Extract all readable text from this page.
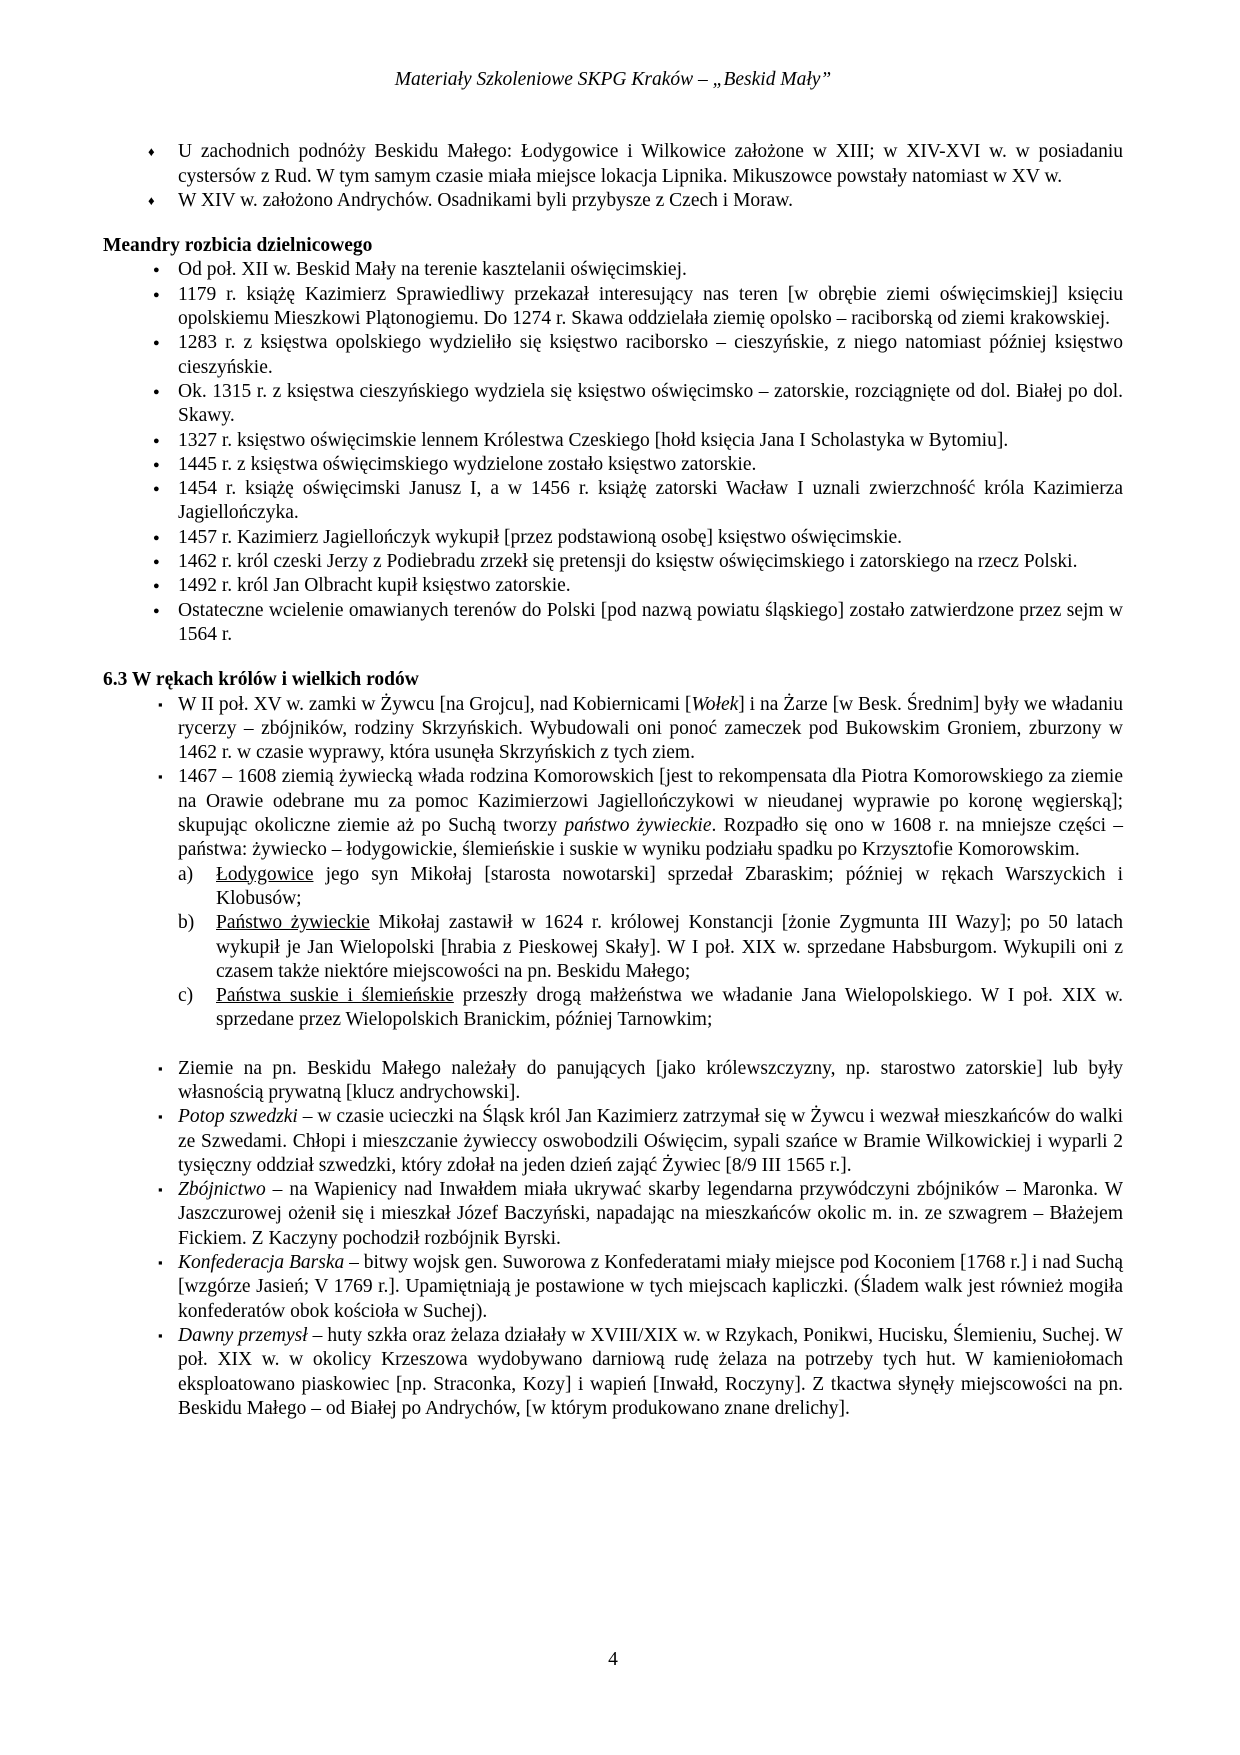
Materiały Szkoleniowe SKPG Kraków – „Beskid Mały”
♦ U zachodnich podnóży Beskidu Małego: Łodygowice i Wilkowice założone w XIII; w XIV-XVI w. w posiadaniu cystersów z Rud. W tym samym czasie miała miejsce lokacja Lipnika. Mikuszowce powstały natomiast w XV w.
♦ W XIV w. założono Andrychów. Osadnikami byli przybysze z Czech i Moraw.
Meandry rozbicia dzielnicowego
● Od poł. XII w. Beskid Mały na terenie kasztelanii oświęcimskiej.
● 1179 r. książę Kazimierz Sprawiedliwy przekazał interesujący nas teren [w obrębie ziemi oświęcimskiej] księciu opolskiemu Mieszkowi Plątonogiemu. Do 1274 r. Skawa oddzielała ziemię opolsko – raciborską od ziemi krakowskiej.
● 1283 r. z księstwa opolskiego wydzieliło się księstwo raciborsko – cieszyńskie, z niego natomiast później księstwo cieszyńskie.
● Ok. 1315 r. z księstwa cieszyńskiego wydziela się księstwo oświęcimsko – zatorskie, rozciągnięte od dol. Białej po dol. Skawy.
● 1327 r. księstwo oświęcimskie lennem Królestwa Czeskiego [hołd księcia Jana I Scholastyka w Bytomiu].
● 1445 r. z księstwa oświęcimskiego wydzielone zostało księstwo zatorskie.
● 1454 r. książę oświęcimski Janusz I, a w 1456 r. książę zatorski Wacław I uznali zwierzchność króla Kazimierza Jagiellończyka.
● 1457 r. Kazimierz Jagiellończyk wykupił [przez podstawioną osobę] księstwo oświęcimskie.
● 1462 r. król czeski Jerzy z Podiebradu zrzekł się pretensji do księstw oświęcimskiego i zatorskiego na rzecz Polski.
● 1492 r. król Jan Olbracht kupił księstwo zatorskie.
● Ostateczne wcielenie omawianych terenów do Polski [pod nazwą powiatu śląskiego] zostało zatwierdzone przez sejm w 1564 r.
6.3 W rękach królów i wielkich rodów
▪ W II poł. XV w. zamki w Żywcu [na Grojcu], nad Kobiernicami [Wołek] i na Żarze [w Besk. Średnim] były we władaniu rycerzy – zbójników, rodziny Skrzyńskich. Wybudowali oni ponoć zameczek pod Bukowskim Groniem, zburzony w 1462 r. w czasie wyprawy, która usunęła Skrzyńskich z tych ziem.
▪ 1467 – 1608 ziemią żywiecką włada rodzina Komorowskich [jest to rekompensata dla Piotra Komorowskiego za ziemie na Orawie odebrane mu za pomoc Kazimierzowi Jagiellończykowi w nieudanej wyprawie po koronę węgierską]; skupując okoliczne ziemie aż po Suchą tworzy państwo żywieckie. Rozpadło się ono w 1608 r. na mniejsze części – państwa: żywiecko – łodygowickie, ślemieńskie i suskie w wyniku podziału spadku po Krzysztofie Komorowskim.
a) Łodygowice jego syn Mikołaj [starosta nowotarski] sprzedał Zbaraskim; później w rękach Warszyckich i Klobusów;
b) Państwo żywieckie Mikołaj zastawił w 1624 r. królowej Konstancji [żonie Zygmunta III Wazy]; po 50 latach wykupił je Jan Wielopolski [hrabia z Pieskowej Skały]. W I poł. XIX w. sprzedane Habsburgom. Wykupili oni z czasem także niektóre miejscowości na pn. Beskidu Małego;
c) Państwa suskie i ślemieńskie przeszły drogą małżeństwa we władanie Jana Wielopolskiego. W I poł. XIX w. sprzedane przez Wielopolskich Branickim, później Tarnowkim;
▪ Ziemie na pn. Beskidu Małego należały do panujących [jako królewszczyzny, np. starostwo zatorskie] lub były własnością prywatną [klucz andrychowski].
▪ Potop szwedzki – w czasie ucieczki na Śląsk król Jan Kazimierz zatrzymał się w Żywcu i wezwał mieszkańców do walki ze Szwedami. Chłopi i mieszczanie żywieccy oswobodzili Oświęcim, sypali szańce w Bramie Wilkowickiej i wyparli 2 tysięczny oddział szwedzki, który zdołał na jeden dzień zająć Żywiec [8/9 III 1565 r.].
▪ Zbójnictwo – na Wapienicy nad Inwałdem miała ukrywać skarby legendarna przywódczyni zbójników – Maronka. W Jaszczurowej ożenił się i mieszkał Józef Baczyński, napadając na mieszkańców okolic m. in. ze szwagrem – Błażejem Fickiem. Z Kaczyny pochodził rozbójnik Byrski.
▪ Konfederacja Barska – bitwy wojsk gen. Suworowa z Konfederatami miały miejsce pod Koconiem [1768 r.] i nad Suchą [wzgórze Jasień; V 1769 r.]. Upamiętniają je postawione w tych miejscach kapliczki. (Śladem walk jest również mogiła konfederatów obok kościoła w Suchej).
▪ Dawny przemysł – huty szkła oraz żelaza działały w XVIII/XIX w. w Rzykach, Ponikwi, Hucisku, Ślemieniu, Suchej. W poł. XIX w. w okolicy Krzeszowa wydobywano darniową rudę żelaza na potrzeby tych hut. W kamieniołomach eksploatowano piaskowiec [np. Straconka, Kozy] i wapień [Inwałd, Roczyny]. Z tkactwa słynęły miejscowości na pn. Beskidu Małego – od Białej po Andrychów, [w którym produkowano znane drelichy].
4
